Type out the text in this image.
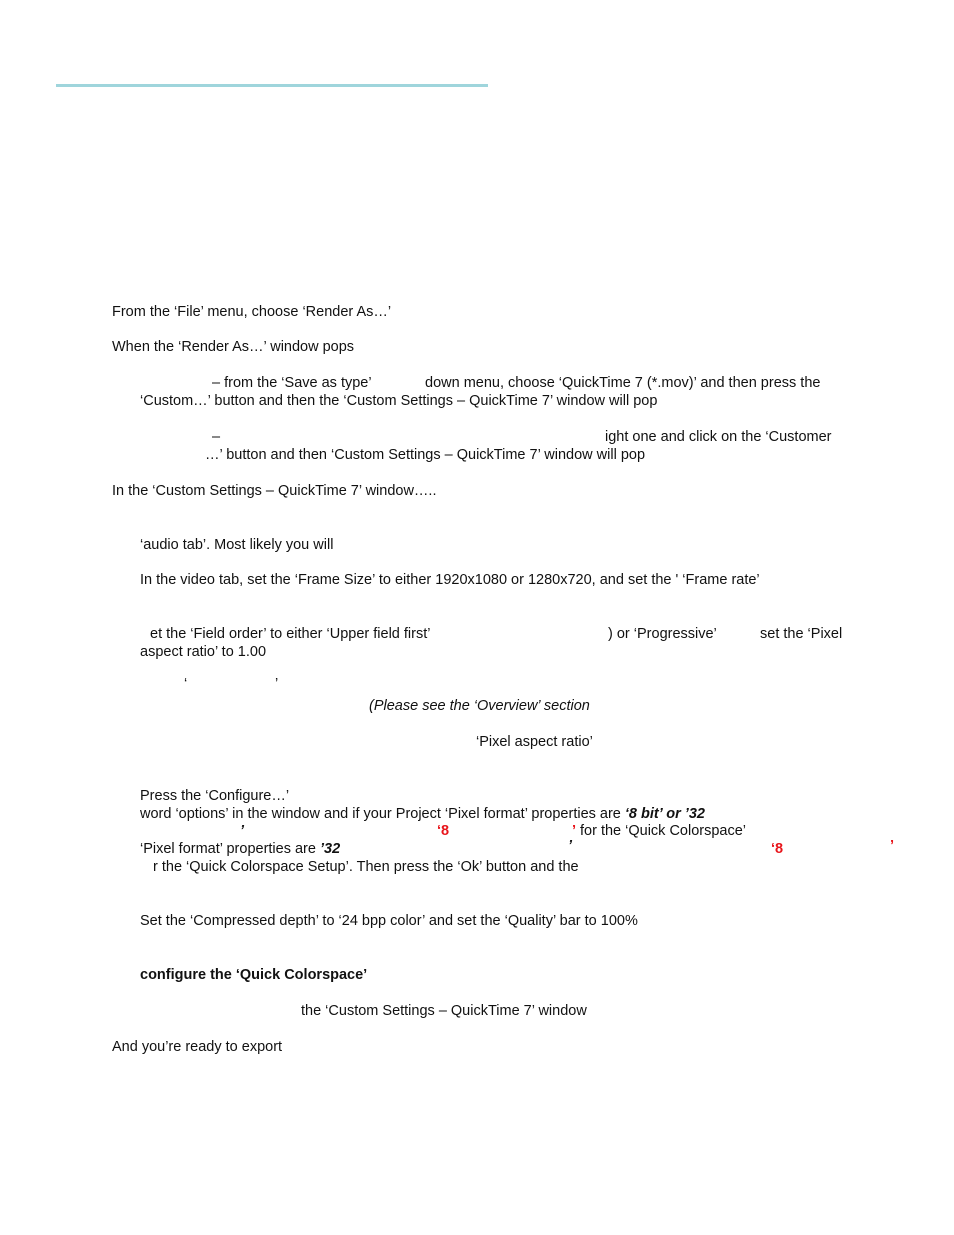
From the ‘File’ menu, choose ‘Render As…’
When the ‘Render As…’ window pops
– from the ‘Save as type’	down menu, choose ‘QuickTime 7 (*.mov)’ and then press the
‘Custom…’ button and then the ‘Custom Settings – QuickTime 7’ window will pop
–	ight one and click on the ‘Customer
…’ button and then ‘Custom Settings – QuickTime 7’ window will pop
In the ‘Custom Settings – QuickTime 7’ window…..
‘audio tab’. Most likely you will
In the video tab, set the ‘Frame Size’ to either 1920x1080 or 1280x720, and set the ' ‘Frame rate’
et the ‘Field order’ to either ‘Upper field first’	) or ‘Progressive’	set the ‘Pixel
aspect ratio’ to 1.00
‘	’
(Please see the ‘Overview’ section
‘Pixel aspect ratio’
Press the ‘Configure…’
word ‘options’ in the window and if your Project ‘Pixel format’ properties are ‘8 bit’ or ’32
’	‘8	’ for the ‘Quick Colorspace’
‘Pixel format’ properties are ’32	’	‘8	’
r the ‘Quick Colorspace Setup’. Then press the ‘Ok’ button and the
Set the ‘Compressed depth’ to ‘24 bpp color’ and set the ‘Quality’ bar to 100%
configure the ‘Quick Colorspace’
the ‘Custom Settings – QuickTime 7’ window
And you’re ready to export
